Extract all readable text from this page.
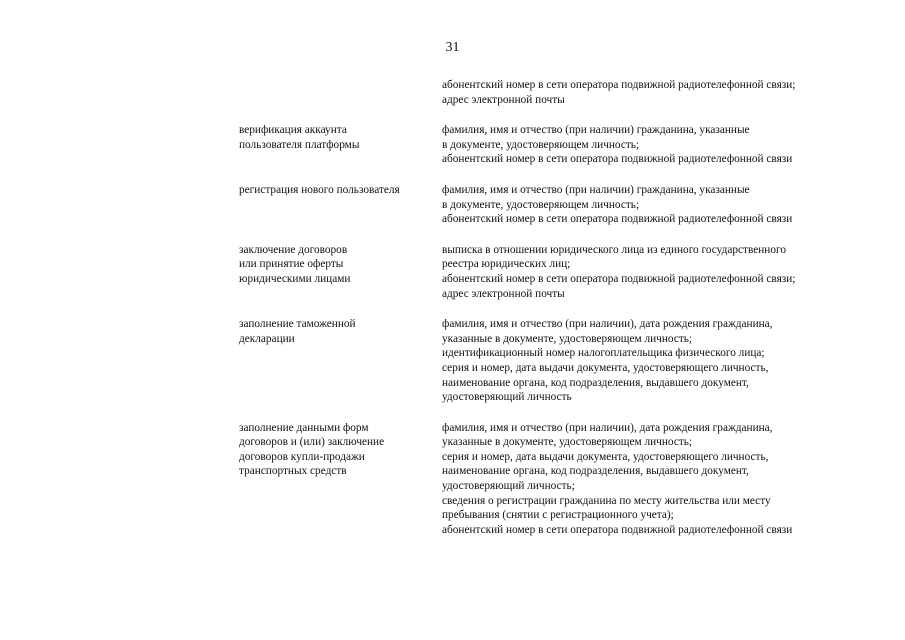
31
абонентский номер в сети оператора подвижной радиотелефонной связи;
адрес электронной почты
верификация аккаунта
пользователя платформы
фамилия, имя и отчество (при наличии) гражданина, указанные
в документе, удостоверяющем личность;
абонентский номер в сети оператора подвижной радиотелефонной связи
регистрация нового пользователя	фамилия, имя и отчество (при наличии) гражданина, указанные
в документе, удостоверяющем личность;
абонентский номер в сети оператора подвижной радиотелефонной связи
заключение договоров
или принятие оферты
юридическими лицами
выписка в отношении юридического лица из единого государственного
реестра юридических лиц;
абонентский номер в сети оператора подвижной радиотелефонной связи;
адрес электронной почты
заполнение таможенной
декларации
фамилия, имя и отчество (при наличии), дата рождения гражданина,
указанные в документе, удостоверяющем личность;
идентификационный номер налогоплательщика физического лица;
серия и номер, дата выдачи документа, удостоверяющего личность,
наименование органа, код подразделения, выдавшего документ,
удостоверяющий личность
заполнение данными форм
договоров и (или) заключение
договоров купли-продажи
транспортных средств
фамилия, имя и отчество (при наличии), дата рождения гражданина,
указанные в документе, удостоверяющем личность;
серия и номер, дата выдачи документа, удостоверяющего личность,
наименование органа, код подразделения, выдавшего документ,
удостоверяющий личность;
сведения о регистрации гражданина по месту жительства или месту
пребывания (снятии с регистрационного учета);
абонентский номер в сети оператора подвижной радиотелефонной связи
